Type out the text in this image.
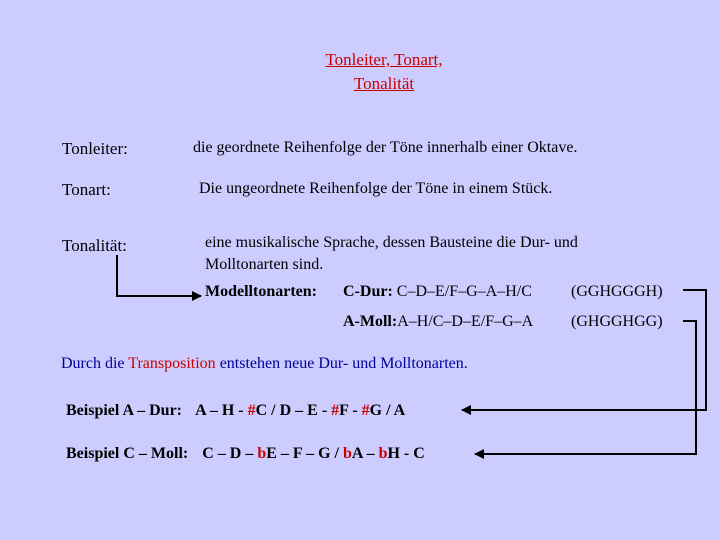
Tonleiter, Tonart,
Tonalität
Tonleiter:	die geordnete Reihenfolge der Töne innerhalb einer Oktave.
Tonart:	Die ungeordnete Reihenfolge der Töne in einem Stück.
Tonalität:	eine musikalische Sprache, dessen Bausteine die Dur- und
Molltonarten sind.
Modelltonarten: C-Dur: C–D–E/F–G–A–H/C (GGHGGGH)
A-Moll:A–H/C–D–E/F–G–A (GHGGHGG)
Durch die Transposition entstehen neue Dur- und Molltonarten.
Beispiel A – Dur: A – H - #C / D – E - #F - #G / A
Beispiel C – Moll: C – D – bE – F – G / bA – bH - C
